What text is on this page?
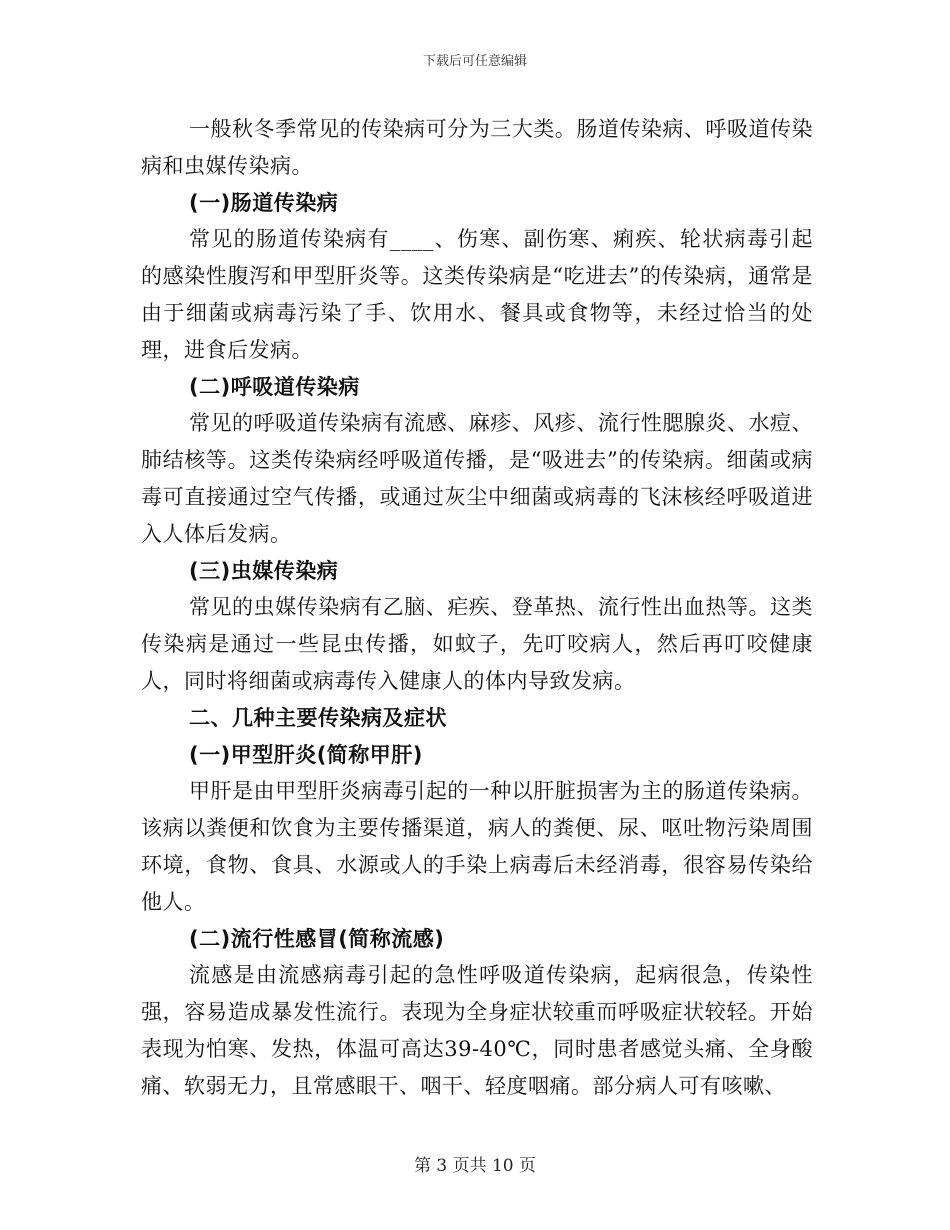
下载后可任意编辑

一般秋冬季常见的传染病可分为三大类。肠道传染病、呼吸道传染病和虫媒传染病。

(一)肠道传染病

常见的肠道传染病有____、伤寒、副伤寒、痢疾、轮状病毒引起的感染性腹泻和甲型肝炎等。这类传染病是“吃进去”的传染病，通常是由于细菌或病毒污染了手、饮用水、餐具或食物等，未经过恰当的处理，进食后发病。

(二)呼吸道传染病

常见的呼吸道传染病有流感、麻疹、风疹、流行性腮腺炎、水痘、肺结核等。这类传染病经呼吸道传播，是“吸进去”的传染病。细菌或病毒可直接通过空气传播，或通过灰尘中细菌或病毒的飞沫核经呼吸道进入人体后发病。

(三)虫媒传染病

常见的虫媒传染病有乙脑、疟疾、登革热、流行性出血热等。这类传染病是通过一些昆虫传播，如蚊子，先叮咬病人，然后再叮咬健康人，同时将细菌或病毒传入健康人的体内导致发病。

二、几种主要传染病及症状

(一)甲型肝炎(简称甲肝)

甲肝是由甲型肝炎病毒引起的一种以肝脏损害为主的肠道传染病。该病以粪便和饮食为主要传播渠道，病人的粪便、尿、呕吐物污染周围环境，食物、食具、水源或人的手染上病毒后未经消毒，很容易传染给他人。

(二)流行性感冒(简称流感)

流感是由流感病毒引起的急性呼吸道传染病，起病很急，传染性强，容易造成暴发性流行。表现为全身症状较重而呼吸症状较轻。开始表现为怕寒、发热，体温可高达39-40℃，同时患者感觉头痛、全身酸痛、软弱无力，且常感眼干、咽干、轻度咽痛。部分病人可有咳嗽、

第 3 页共 10 页
